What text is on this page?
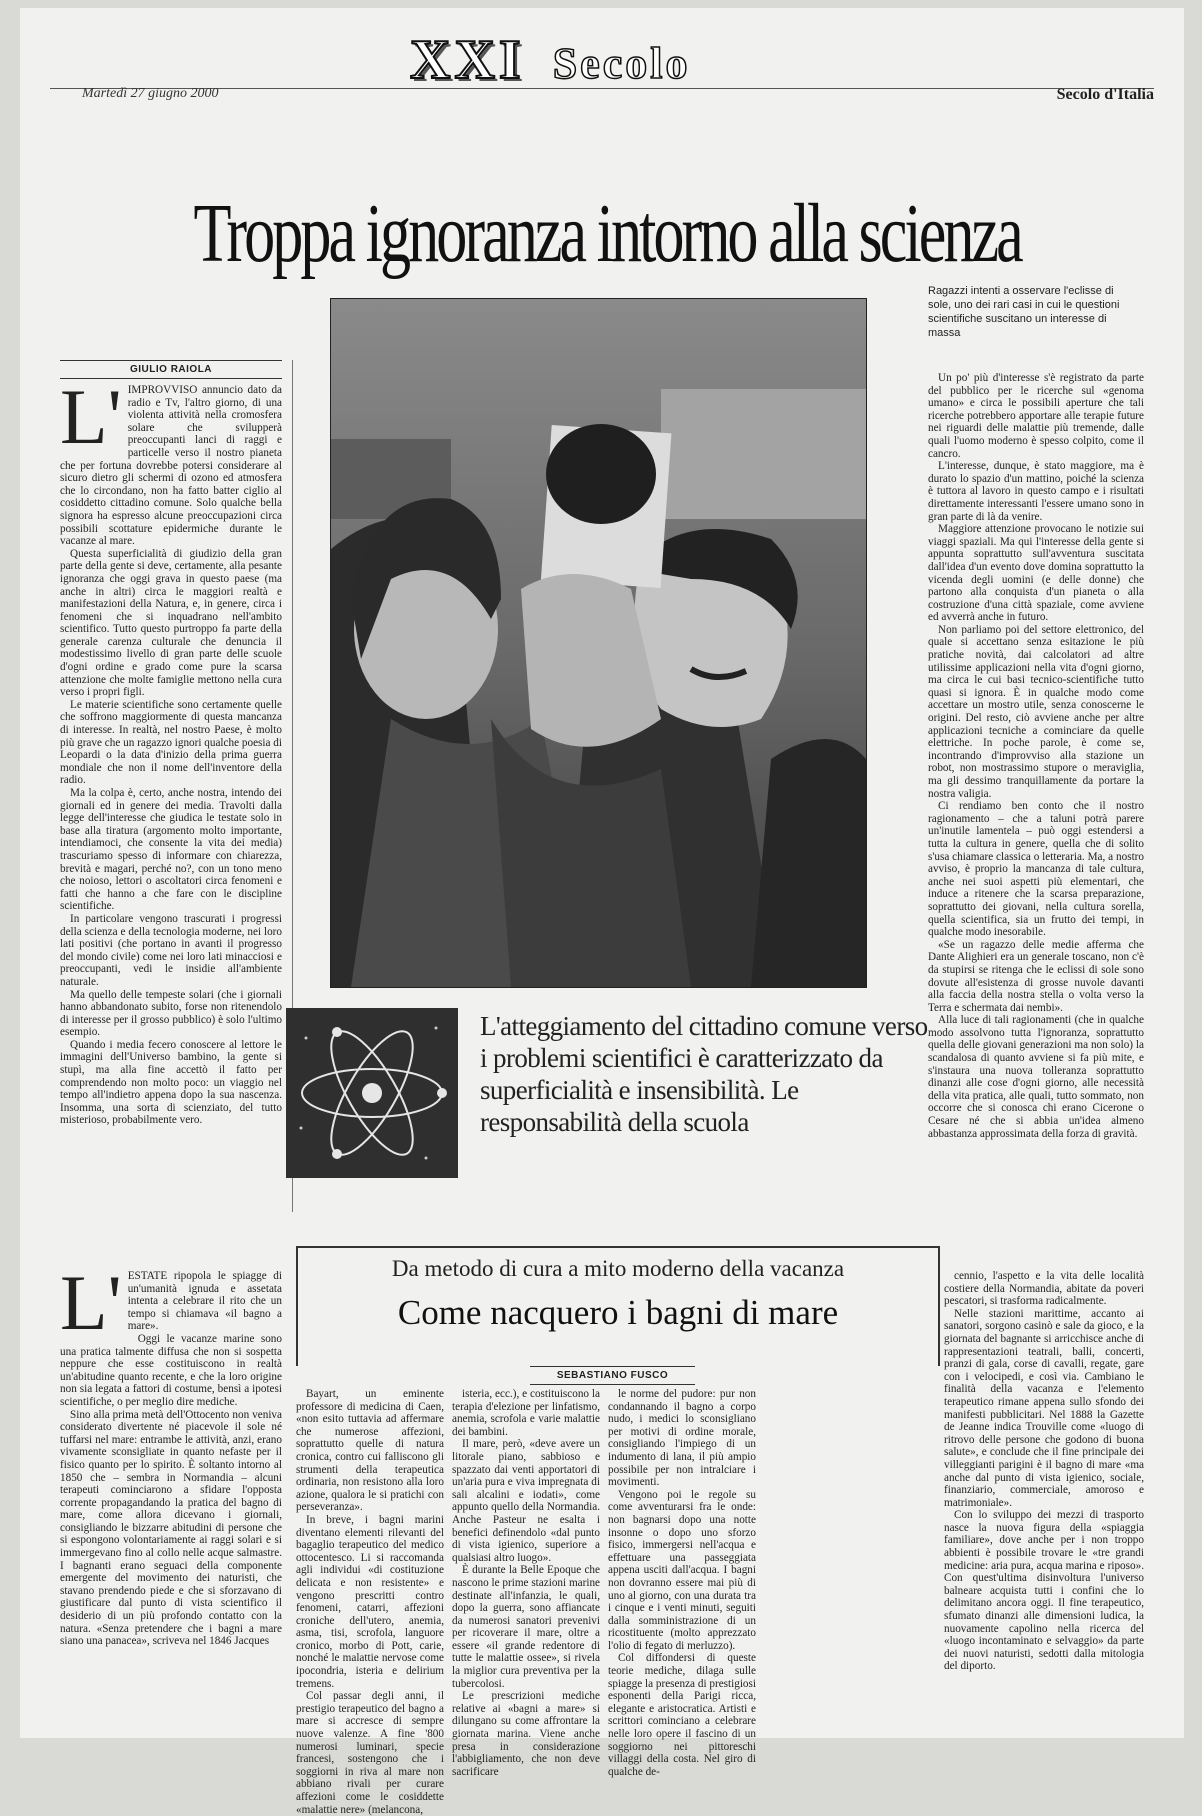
XXI Secolo
Martedì 27 giugno 2000	Secolo d'Italia
Troppa ignoranza intorno alla scienza
GIULIO RAIOLA
L' IMPROVVISO annuncio dato da radio e Tv, l'altro giorno, di una violenta attività nella cromosfera solare che svilupperà preoccupanti lanci di raggi e particelle verso il nostro pianeta che per fortuna dovrebbe potersi considerare al sicuro dietro gli schermi di ozono ed atmosfera che lo circondano, non ha fatto batter ciglio al cosiddetto cittadino comune. Solo qualche bella signora ha espresso alcune preoccupazioni circa possibili scottature epidermiche durante le vacanze al mare.

Questa superficialità di giudizio della gran parte della gente si deve, certamente, alla pesante ignoranza che oggi grava in questo paese (ma anche in altri) circa le maggiori realtà e manifestazioni della Natura, e, in genere, circa i fenomeni che si inquadrano nell'ambito scientifico. Tutto questo purtroppo fa parte della generale carenza culturale che denuncia il modestissimo livello di gran parte delle scuole d'ogni ordine e grado come pure la scarsa attenzione che molte famiglie mettono nella cura verso i propri figli.

Le materie scientifiche sono certamente quelle che soffrono maggiormente di questa mancanza di interesse. In realtà, nel nostro Paese, è molto più grave che un ragazzo ignori qualche poesia di Leopardi o la data d'inizio della prima guerra mondiale che non il nome dell'inventore della radio.

Ma la colpa è, certo, anche nostra, intendo dei giornali ed in genere dei media. Travolti dalla legge dell'interesse che giudica le testate solo in base alla tiratura (argomento molto importante, intendiamoci, che consente la vita dei media) trascuriamo spesso di informare con chiarezza, brevità e magari, perché no?, con un tono meno che noioso, lettori o ascoltatori circa fenomeni e fatti che hanno a che fare con le discipline scientifiche.

In particolare vengono trascurati i progressi della scienza e della tecnologia moderne, nei loro lati positivi (che portano in avanti il progresso del mondo civile) come nei loro lati minacciosi e preoccupanti, vedi le insidie all'ambiente naturale.

Ma quello delle tempeste solari (che i giornali hanno abbandonato subito, forse non ritenendolo di interesse per il grosso pubblico) è solo l'ultimo esempio.

Quando i media fecero conoscere al lettore le immagini dell'Universo bambino, la gente si stupì, ma alla fine accettò il fatto per comprendendo non molto poco: un viaggio nel tempo all'indietro appena dopo la sua nascenza. Insomma, una sorta di scienziato, del tutto misterioso, probabilmente vero.

Ragazzi intenti a osservare l'eclisse di sole, uno dei rari casi in cui le questioni scientifiche suscitano un interesse di massa

Un po' più d'interesse s'è registrato da parte del pubblico per le ricerche sul «genoma umano» e circa le possibili aperture che tali ricerche potrebbero apportare alle terapie future nei riguardi delle malattie più tremende, dalle quali l'uomo moderno è spesso colpito, come il cancro.

L'interesse, dunque, è stato maggiore, ma è durato lo spazio d'un mattino, poiché la scienza è tuttora al lavoro in questo campo e i risultati direttamente interessanti l'essere umano sono in gran parte di là da venire.

Maggiore attenzione provocano le notizie sui viaggi spaziali. Ma qui l'interesse della gente si appunta soprattutto sull'avventura suscitata dall'idea d'un evento dove domina soprattutto la vicenda degli uomini (e delle donne) che partono alla conquista d'un pianeta o alla costruzione d'una città spaziale, come avviene ed avverrà anche in futuro.

Non parliamo poi del settore elettronico, del quale si accettano senza esitazione le più pratiche novità, dai calcolatori ad altre utilissime applicazioni nella vita d'ogni giorno, ma circa le cui basi tecnico-scientifiche tutto quasi si ignora. È in qualche modo come accettare un mostro utile, senza conoscerne le origini. Del resto, ciò avviene anche per altre applicazioni tecniche a cominciare da quelle elettriche. In poche parole, è come se, incontrando d'improvviso alla stazione un robot, non mostrassimo stupore o meraviglia, ma gli dessimo tranquillamente da portare la nostra valigia.

Ci rendiamo ben conto che il nostro ragionamento – che a taluni potrà parere un'inutile lamentela – può oggi estendersi a tutta la cultura in genere, quella che di solito s'usa chiamare classica o letteraria. Ma, a nostro avviso, è proprio la mancanza di tale cultura, anche nei suoi aspetti più elementari, che induce a ritenere che la scarsa preparazione, soprattutto dei giovani, nella cultura sorella, quella scientifica, sia un frutto dei tempi, in qualche modo inesorabile.

«Se un ragazzo delle medie afferma che Dante Alighieri era un generale toscano, non c'è da stupirsi se ritenga che le eclissi di sole sono dovute all'esistenza di grosse nuvole davanti alla faccia della nostra stella o volta verso la Terra e schermata dai nembi».

Alla luce di tali ragionamenti (che in qualche modo assolvono tutta l'ignoranza, soprattutto quella delle giovani generazioni ma non solo) la scandalosa di quanto avviene si fa più mite, e s'instaura una nuova tolleranza soprattutto dinanzi alle cose d'ogni giorno, alle necessità della vita pratica, alle quali, tutto sommato, non occorre che si conosca chi erano Cicerone o Cesare né che si abbia un'idea almeno abbastanza approssimata della forza di gravità.

L'atteggiamento del cittadino comune verso i problemi scientifici è caratterizzato da superficialità e insensibilità. Le responsabilità della scuola
Da metodo di cura a mito moderno della vacanza
Come nacquero i bagni di mare
SEBASTIANO FUSCO
L' ESTATE ripopola le spiagge di un'umanità ignuda e assetata intenta a celebrare il rito che un tempo si chiamava «il bagno a mare».

Oggi le vacanze marine sono una pratica talmente diffusa che non si sospetta neppure che esse costituiscono in realtà un'abitudine quanto recente, e che la loro origine non sia legata a fattori di costume, bensì a ipotesi scientifiche, o per meglio dire mediche.

Sino alla prima metà dell'Ottocento non veniva considerato divertente né piacevole il sole né tuffarsi nel mare: entrambe le attività, anzi, erano vivamente sconsigliate in quanto nefaste per il fisico quanto per lo spirito. È soltanto intorno al 1850 che – sembra in Normandia – alcuni terapeuti cominciarono a sfidare l'opposta corrente propagandando la pratica del bagno di mare, come allora dicevano i giornali, consigliando le bizzarre abitudini di persone che si espongono volontariamente ai raggi solari e si immergevano fino al collo nelle acque salmastre. I bagnanti erano seguaci della componente emergente del movimento dei naturisti, che stavano prendendo piede e che si sforzavano di giustificare dal punto di vista scientifico il desiderio di un più profondo contatto con la natura. «Senza pretendere che i bagni a mare siano una panacea», scriveva nel 1846 Jacques

Bayart, un eminente professore di medicina di Caen, «non esito tuttavia ad affermare che numerose affezioni, soprattutto quelle di natura cronica, contro cui falliscono gli strumenti della terapeutica ordinaria, non resistono alla loro azione, qualora le si pratichi con perseveranza».

In breve, i bagni marini diventano elementi rilevanti del bagaglio terapeutico del medico ottocentesco. Li si raccomanda agli individui «di costituzione delicata e non resistente» e vengono prescritti contro fenomeni, catarri, affezioni croniche dell'utero, anemia, asma, tisi, scrofola, languore cronico, morbo di Pott, carie, nonché le malattie nervose come ipocondria, isteria e delirium tremens.

Col passar degli anni, il prestigio terapeutico del bagno a mare si accresce di sempre nuove valenze. A fine '800 numerosi luminari, specie francesi, sostengono che i soggiorni in riva al mare non abbiano rivali per curare affezioni come le cosiddette «malattie nere» (melancona,

isteria, ecc.), e costituiscono la terapia d'elezione per linfatismo, anemia, scrofola e varie malattie dei bambini.

Il mare, però, «deve avere un litorale piano, sabbioso e spazzato dai venti apportatori di un'aria pura e viva impregnata di sali alcalini e iodati», come appunto quello della Normandia. Anche Pasteur ne esalta i benefici definendolo «dal punto di vista igienico, superiore a qualsiasi altro luogo».

È durante la Belle Epoque che nascono le prime stazioni marine destinate all'infanzia, le quali, dopo la guerra, sono affiancate da numerosi sanatori prevenivi per ricoverare il mare, oltre a essere «il grande redentore di tutte le malattie ossee», si rivela la miglior cura preventiva per la tubercolosi.

Le prescrizioni mediche relative ai «bagni a mare» si dilungano su come affrontare la giornata marina. Viene anche presa in considerazione l'abbigliamento, che non deve sacrificare

le norme del pudore: pur non condannando il bagno a corpo nudo, i medici lo sconsigliano per motivi di ordine morale, consigliando l'impiego di un indumento di lana, il più ampio possibile per non intralciare i movimenti.

Vengono poi le regole su come avventurarsi fra le onde: non bagnarsi dopo una notte insonne o dopo uno sforzo fisico, immergersi nell'acqua e effettuare una passeggiata appena usciti dall'acqua. I bagni non dovranno essere mai più di uno al giorno, con una durata tra i cinque e i venti minuti, seguiti dalla somministrazione di un ricostituente (molto apprezzato l'olio di fegato di merluzzo).

Col diffondersi di queste teorie mediche, dilaga sulle spiagge la presenza di prestigiosi esponenti della Parigi ricca, elegante e aristocratica. Artisti e scrittori cominciano a celebrare nelle loro opere il fascino di un soggiorno nei pittoreschi villaggi della costa. Nel giro di qualche de-

cennio, l'aspetto e la vita delle località costiere della Normandia, abitate da poveri pescatori, si trasforma radicalmente.

Nelle stazioni marittime, accanto ai sanatori, sorgono casinò e sale da gioco, e la giornata del bagnante si arricchisce anche di rappresentazioni teatrali, balli, concerti, pranzi di gala, corse di cavalli, regate, gare con i velocipedi, e così via. Cambiano le finalità della vacanza e l'elemento terapeutico rimane appena sullo sfondo dei manifesti pubblicitari. Nel 1888 la Gazette de Jeanne indica Trouville come «luogo di ritrovo delle persone che godono di buona salute», e conclude che il fine principale dei villeggianti parigini è il bagno di mare «ma anche dal punto di vista igienico, sociale, finanziario, commerciale, amoroso e matrimoniale».

Con lo sviluppo dei mezzi di trasporto nasce la nuova figura della «spiaggia familiare», dove anche per i non troppo abbienti è possibile trovare le «tre grandi medicine: aria pura, acqua marina e riposo». Con quest'ultima disinvoltura l'universo balneare acquista tutti i confini che lo delimitano ancora oggi. Il fine terapeutico, sfumato dinanzi alle dimensioni ludica, la nuovamente capolino nella ricerca del «luogo incontaminato e selvaggio» da parte dei nuovi naturisti, sedotti dalla mitologia del diporto.
